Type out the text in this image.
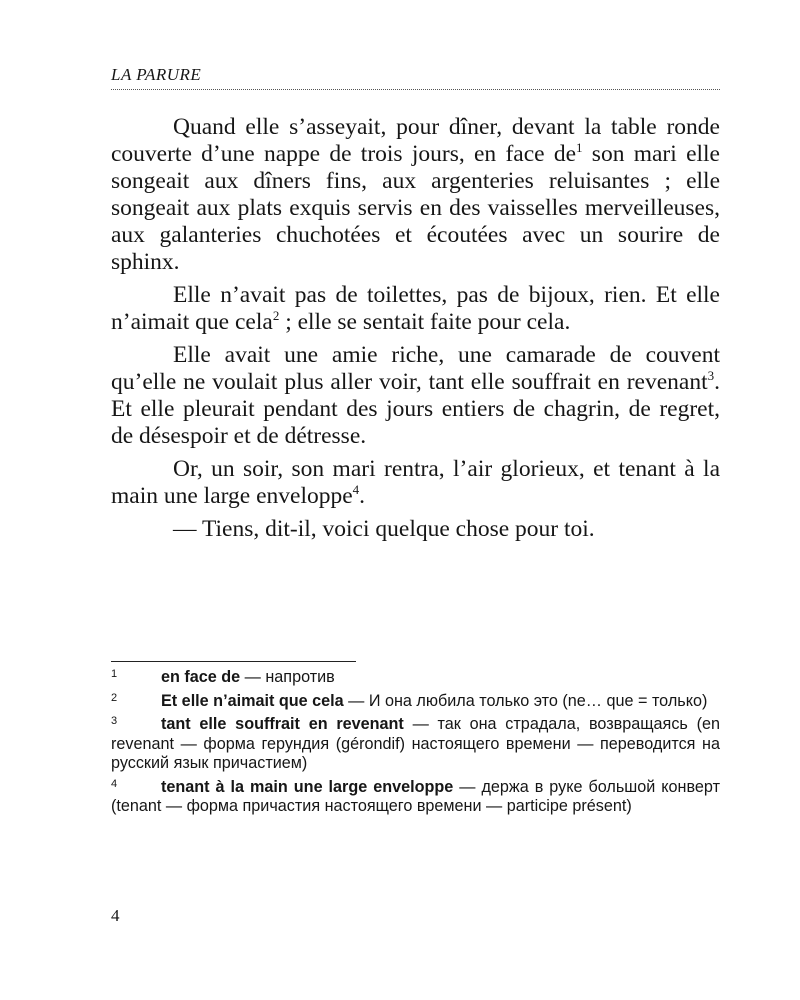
LA PARURE

Quand elle s’asseyait, pour dîner, devant la table ronde couverte d’une nappe de trois jours, en face $de^1$ son mari elle songeait aux dîners fins, aux argenteries reluisantes ; elle songeait aux plats exquis servis en des vaisselles merveilleuses, aux galanteries chuchotées et écoutées avec un sourire de sphinx.

Elle n’avait pas de toilettes, pas de bijoux, rien. Et elle n’aimait que cela$^2$ ; elle se sentait faite pour cela.

Elle avait une amie riche, une camarade de couvent qu’elle ne voulait plus aller voir, tant elle souffrait en revenant$^3$. Et elle pleurait pendant des jours entiers de chagrin, de regret, de désespoir et de détresse.

Or, un soir, son mari rentra, l’air glorieux, et tenant à la main une large enveloppe$^4$.

— Tiens, dit-il, voici quelque chose pour toi.

1	en face de — напротив

2	Et elle n’aimait que cela — И она любила только это (ne… que = только)

3	tant elle souffrait en revenant — так она страдала, возвращаясь (en revenant — форма герундия (gérondif) настоящего времени — переводится на русский язык причастием)

4	tenant à la main une large enveloppe — держа в руке большой конверт (tenant — форма причастия настоящего времени — participe présent)

4
